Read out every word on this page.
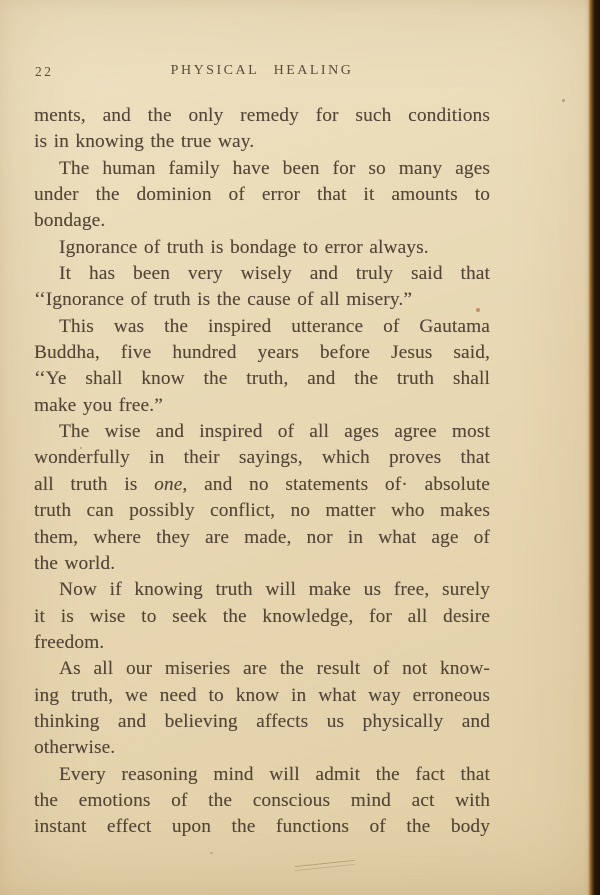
22	PHYSICAL HEALING
ments, and the only remedy for such conditions
is in knowing the true way.
The human family have been for so many ages
under the dominion of error that it amounts to
bondage.
Ignorance of truth is bondage to error always.
It has been very wisely and truly said that
‘‘Ignorance of truth is the cause of all misery.”
This was the inspired utterance of Gautama
Buddha, five hundred years before Jesus said,
‘‘Ye shall know the truth, and the truth shall
make you free.”
The wise and inspired of all ages agree most
wonderfully in their sayings, which proves that
all truth is one, and no statements of· absolute
truth can possibly conflict, no matter who makes
them, where they are made, nor in what age of
the world.
Now if knowing truth will make us free, surely
it is wise to seek the knowledge, for all desire
freedom.
As all our miseries are the result of not know-
ing truth, we need to know in what way erroneous
thinking and believing affects us physically and
otherwise.
Every reasoning mind will admit the fact that
the emotions of the conscious mind act with
instant effect upon the functions of the body
